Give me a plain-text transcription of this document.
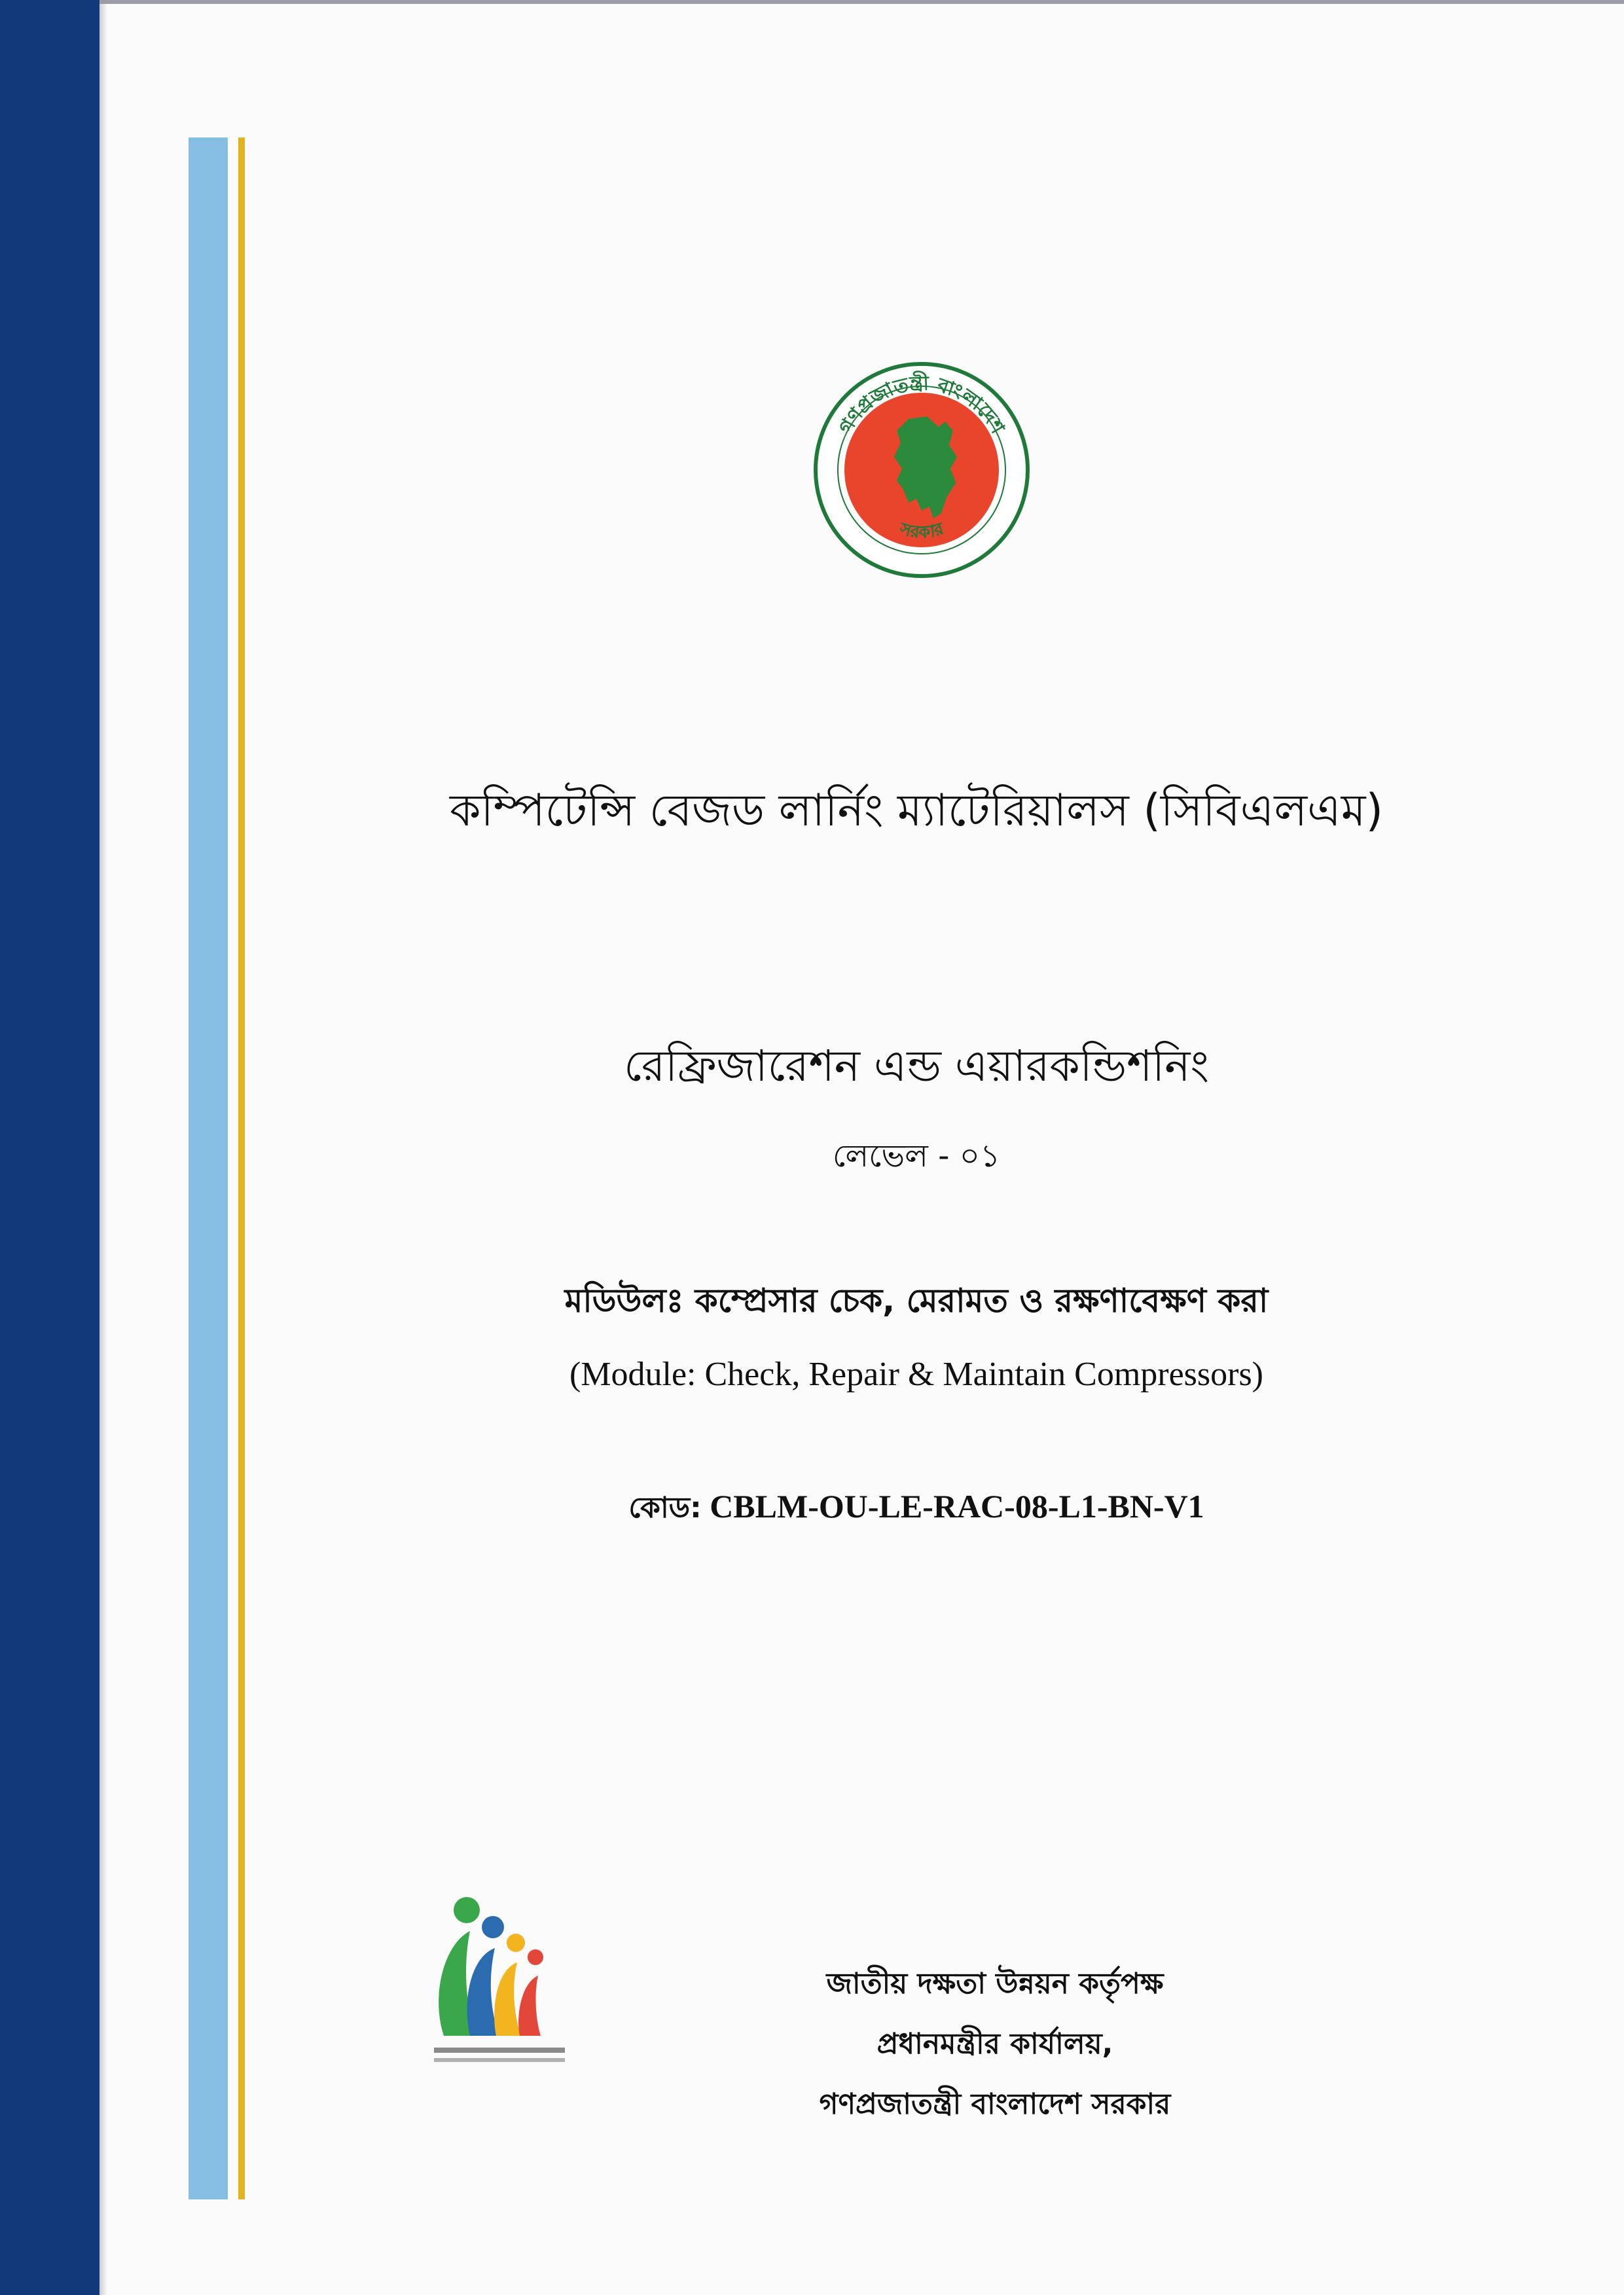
গণপ্রজাতন্ত্রী বাংলাদেশ
সরকার
কম্পিটেন্সি বেজড লার্নিং ম্যাটেরিয়ালস (সিবিএলএম)
রেফ্রিজারেশন এন্ড এয়ারকন্ডিশনিং
লেভেল - ০১
মডিউলঃ কম্প্রেসার চেক, মেরামত ও রক্ষণাবেক্ষণ করা
(Module: Check, Repair & Maintain Compressors)
কোড: CBLM-OU-LE-RAC-08-L1-BN-V1
জাতীয় দক্ষতা উন্নয়ন কর্তৃপক্ষ
প্রধানমন্ত্রীর কার্যালয়,
গণপ্রজাতন্ত্রী বাংলাদেশ সরকার
